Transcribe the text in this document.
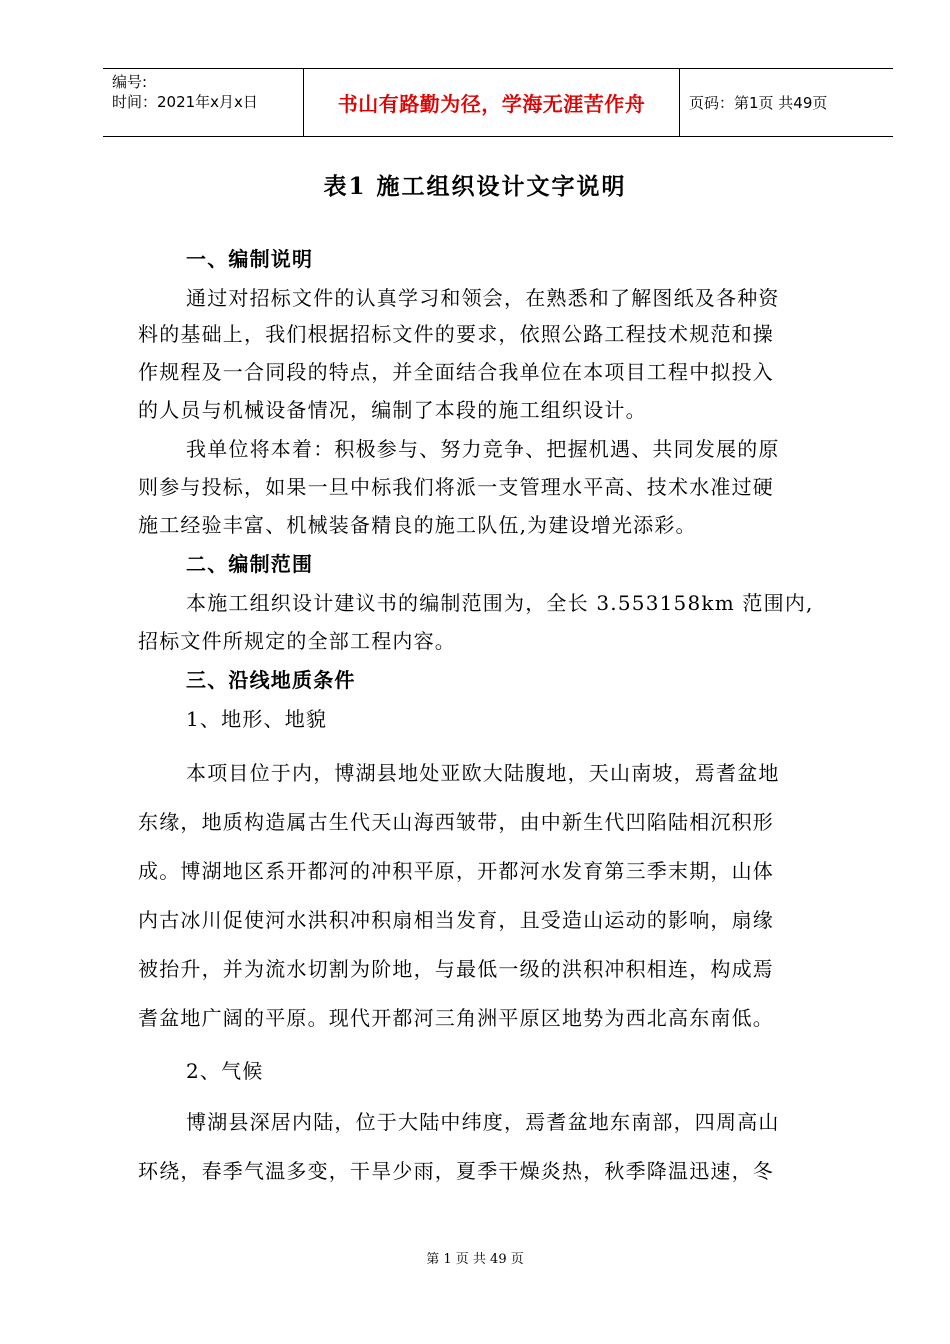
编号:
时间：2021年x月x日	书山有路勤为径，学海无涯苦作舟	页码：第1页 共49页
表1 施工组织设计文字说明
一、编制说明
通过对招标文件的认真学习和领会，在熟悉和了解图纸及各种资
料的基础上，我们根据招标文件的要求，依照公路工程技术规范和操
作规程及一合同段的特点，并全面结合我单位在本项目工程中拟投入
的人员与机械设备情况，编制了本段的施工组织设计。
我单位将本着：积极参与、努力竞争、把握机遇、共同发展的原
则参与投标，如果一旦中标我们将派一支管理水平高、技术水准过硬
施工经验丰富、机械装备精良的施工队伍,为建设增光添彩。
二、编制范围
本施工组织设计建议书的编制范围为，全长 3.553158km 范围内,
招标文件所规定的全部工程内容。
三、沿线地质条件
1、地形、地貌
本项目位于内，博湖县地处亚欧大陆腹地，天山南坡，焉耆盆地
东缘，地质构造属古生代天山海西皱带，由中新生代凹陷陆相沉积形
成。博湖地区系开都河的冲积平原，开都河水发育第三季末期，山体
内古冰川促使河水洪积冲积扇相当发育，且受造山运动的影响，扇缘
被抬升，并为流水切割为阶地，与最低一级的洪积冲积相连，构成焉
耆盆地广阔的平原。现代开都河三角洲平原区地势为西北高东南低。
2、气候
博湖县深居内陆，位于大陆中纬度，焉耆盆地东南部，四周高山
环绕，春季气温多变，干旱少雨，夏季干燥炎热，秋季降温迅速，冬
第 1 页 共 49 页
